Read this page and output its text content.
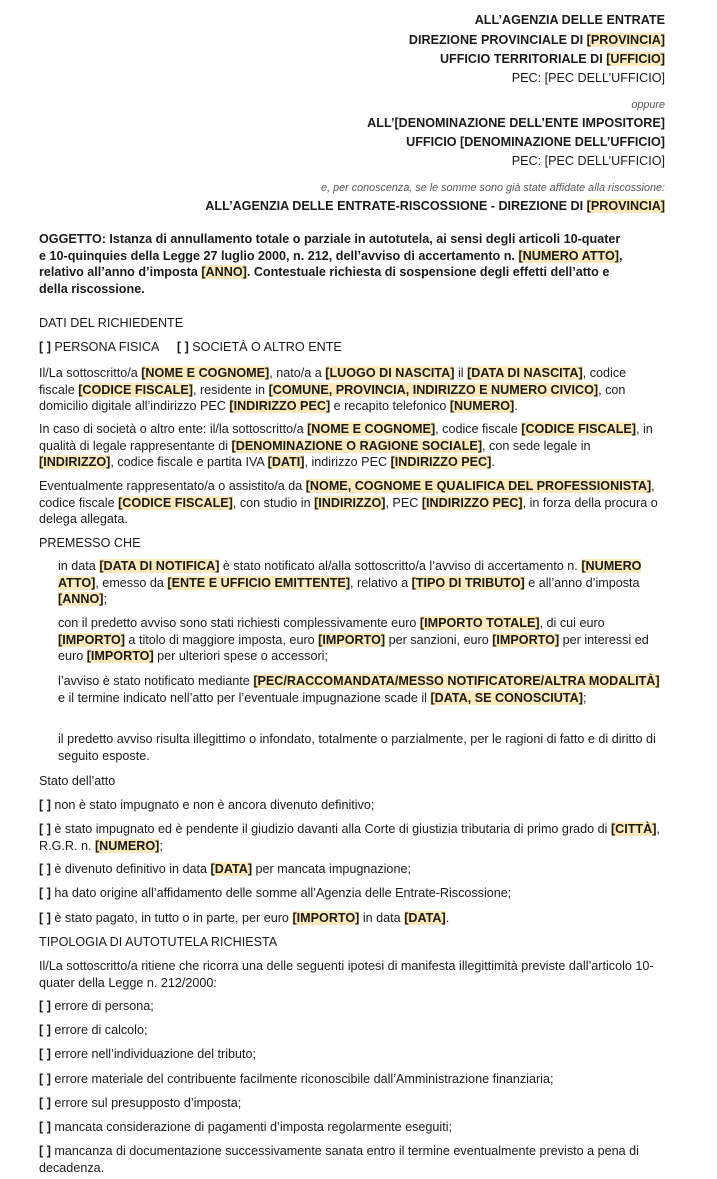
ALL’AGENZIA DELLE ENTRATE
DIREZIONE PROVINCIALE DI [PROVINCIA]
UFFICIO TERRITORIALE DI [UFFICIO]
PEC: [PEC DELL’UFFICIO]
oppure
ALL’[DENOMINAZIONE DELL’ENTE IMPOSITORE]
UFFICIO [DENOMINAZIONE DELL’UFFICIO]
PEC: [PEC DELL’UFFICIO]
e, per conoscenza, se le somme sono già state affidate alla riscossione:
ALL’AGENZIA DELLE ENTRATE-RISCOSSIONE - DIREZIONE DI [PROVINCIA]
OGGETTO: Istanza di annullamento totale o parziale in autotutela, ai sensi degli articoli 10-quater
e 10-quinquies della Legge 27 luglio 2000, n. 212, dell’avviso di accertamento n. [NUMERO ATTO],
relativo all’anno d’imposta [ANNO]. Contestuale richiesta di sospensione degli effetti dell’atto e
della riscossione.
DATI DEL RICHIEDENTE
[ ] PERSONA FISICA [ ] SOCIETÀ O ALTRO ENTE

Il/La sottoscritto/a [NOME E COGNOME], nato/a a [LUOGO DI NASCITA] il [DATA DI NASCITA], codice fiscale [CODICE FISCALE], residente in [COMUNE, PROVINCIA, INDIRIZZO E NUMERO CIVICO], con domicilio digitale all’indirizzo PEC [INDIRIZZO PEC] e recapito telefonico [NUMERO].

In caso di società o altro ente: il/la sottoscritto/a [NOME E COGNOME], codice fiscale [CODICE FISCALE], in qualità di legale rappresentante di [DENOMINAZIONE O RAGIONE SOCIALE], con sede legale in [INDIRIZZO], codice fiscale e partita IVA [DATI], indirizzo PEC [INDIRIZZO PEC].

Eventualmente rappresentato/a o assistito/a da [NOME, COGNOME E QUALIFICA DEL PROFESSIONISTA], codice fiscale [CODICE FISCALE], con studio in [INDIRIZZO], PEC [INDIRIZZO PEC], in forza della procura o delega allegata.

PREMESSO CHE

in data [DATA DI NOTIFICA] è stato notificato al/alla sottoscritto/a l’avviso di accertamento n. [NUMERO ATTO], emesso da [ENTE E UFFICIO EMITTENTE], relativo a [TIPO DI TRIBUTO] e all’anno d’imposta [ANNO];

con il predetto avviso sono stati richiesti complessivamente euro [IMPORTO TOTALE], di cui euro [IMPORTO] a titolo di maggiore imposta, euro [IMPORTO] per sanzioni, euro [IMPORTO] per interessi ed euro [IMPORTO] per ulteriori spese o accessori;

l’avviso è stato notificato mediante [PEC/RACCOMANDATA/MESSO NOTIFICATORE/ALTRA MODALITÀ] e il termine indicato nell’atto per l’eventuale impugnazione scade il [DATA, SE CONOSCIUTA];

il predetto avviso risulta illegittimo o infondato, totalmente o parzialmente, per le ragioni di fatto e di diritto di seguito esposte.

Stato dell’atto
[ ] non è stato impugnato e non è ancora divenuto definitivo;

[ ] è stato impugnato ed è pendente il giudizio davanti alla Corte di giustizia tributaria di primo grado di [CITTÀ], R.G.R. n. [NUMERO];

[ ] è divenuto definitivo in data [DATA] per mancata impugnazione;
[ ] ha dato origine all’affidamento delle somme all’Agenzia delle Entrate-Riscossione;
[ ] è stato pagato, in tutto o in parte, per euro [IMPORTO] in data [DATA].
TIPOLOGIA DI AUTOTUTELA RICHIESTA

Il/La sottoscritto/a ritiene che ricorra una delle seguenti ipotesi di manifesta illegittimità previste dall’articolo 10-quater della Legge n. 212/2000:

[ ] errore di persona;
[ ] errore di calcolo;
[ ] errore nell’individuazione del tributo;
[ ] errore materiale del contribuente facilmente riconoscibile dall’Amministrazione finanziaria;
[ ] errore sul presupposto d’imposta;
[ ] mancata considerazione di pagamenti d’imposta regolarmente eseguiti;

[ ] mancanza di documentazione successivamente sanata entro il termine eventualmente previsto a pena di decadenza.
